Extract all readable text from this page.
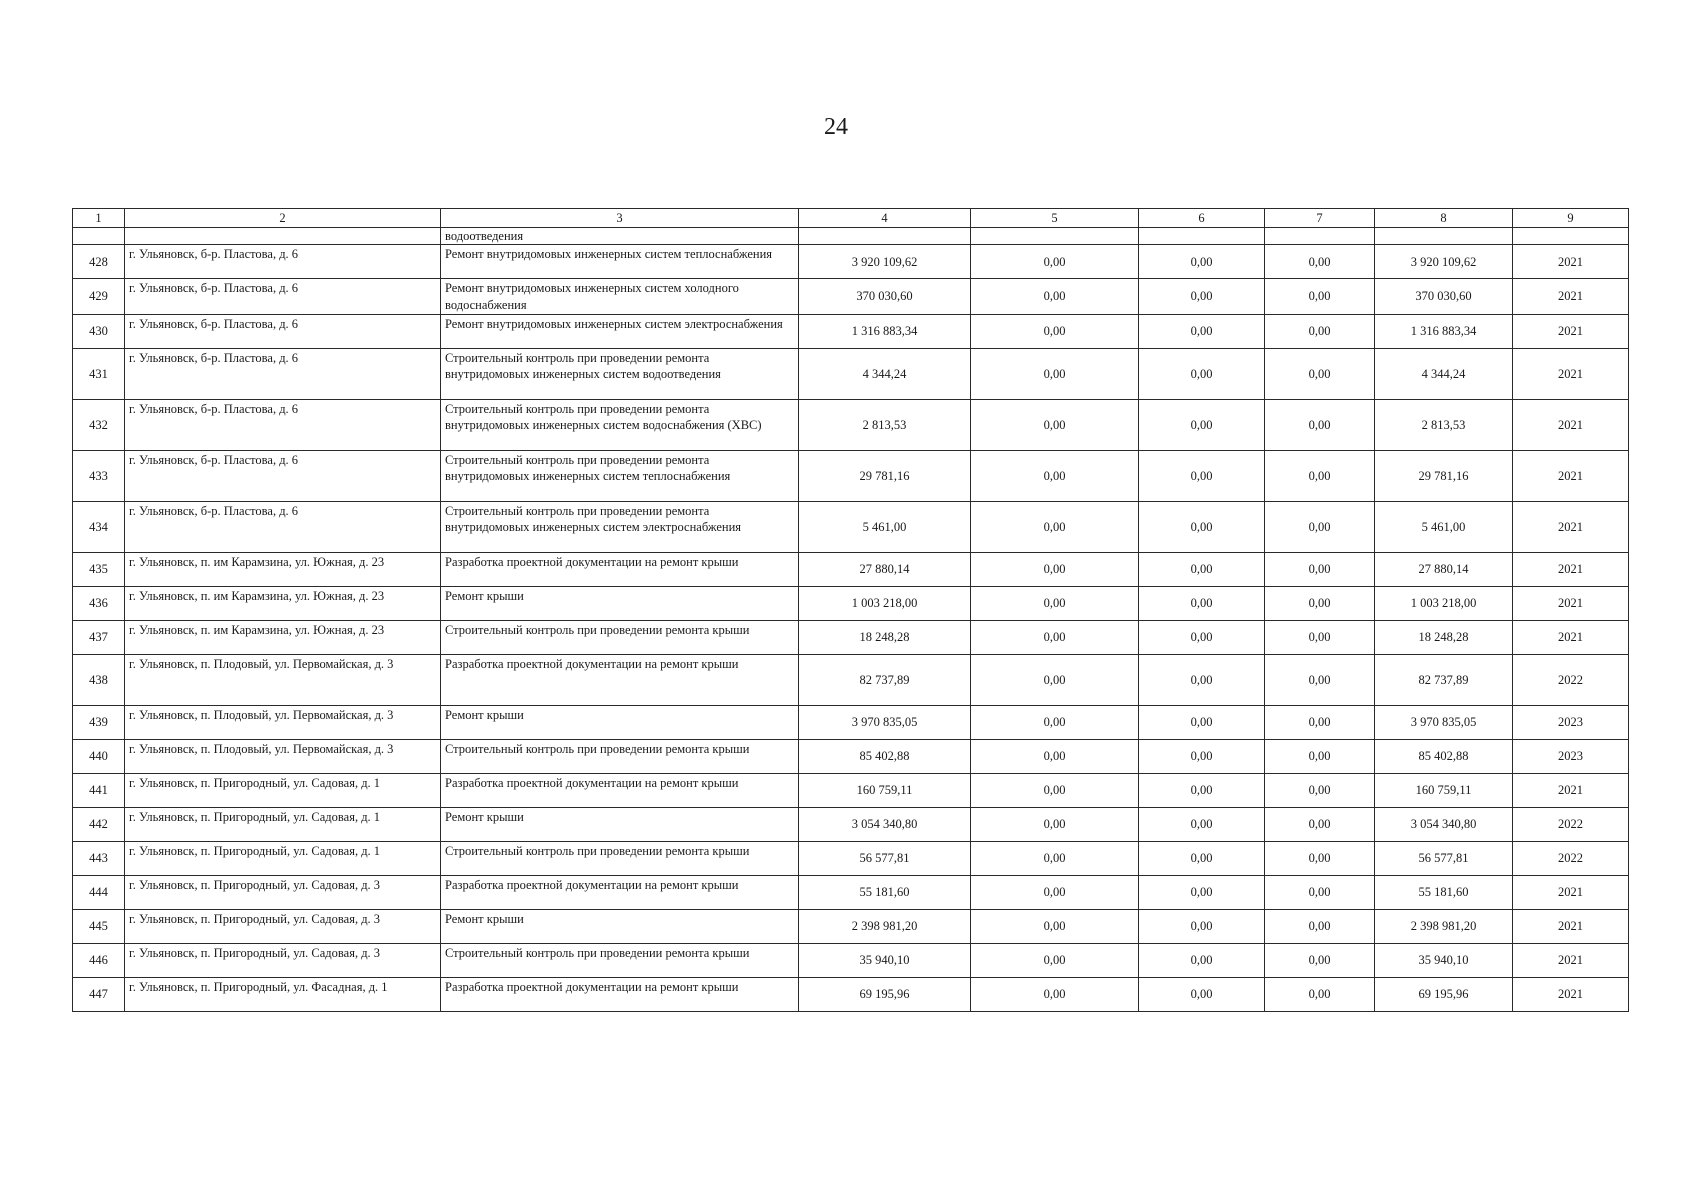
24
1	2	3	4	5	6	7	8	9
		водоотведения						
428	г. Ульяновск, б-р. Пластова, д. 6	Ремонт внутридомовых инженерных систем теплоснабжения	3 920 109,62	0,00	0,00	0,00	3 920 109,62	2021
429	г. Ульяновск, б-р. Пластова, д. 6	Ремонт внутридомовых инженерных систем холодного водоснабжения	370 030,60	0,00	0,00	0,00	370 030,60	2021
430	г. Ульяновск, б-р. Пластова, д. 6	Ремонт внутридомовых инженерных систем электроснабжения	1 316 883,34	0,00	0,00	0,00	1 316 883,34	2021
431	г. Ульяновск, б-р. Пластова, д. 6	Строительный контроль при проведении ремонта внутридомовых инженерных систем водоотведения	4 344,24	0,00	0,00	0,00	4 344,24	2021
432	г. Ульяновск, б-р. Пластова, д. 6	Строительный контроль при проведении ремонта внутридомовых инженерных систем водоснабжения (ХВС)	2 813,53	0,00	0,00	0,00	2 813,53	2021
433	г. Ульяновск, б-р. Пластова, д. 6	Строительный контроль при проведении ремонта внутридомовых инженерных систем теплоснабжения	29 781,16	0,00	0,00	0,00	29 781,16	2021
434	г. Ульяновск, б-р. Пластова, д. 6	Строительный контроль при проведении ремонта внутридомовых инженерных систем электроснабжения	5 461,00	0,00	0,00	0,00	5 461,00	2021
435	г. Ульяновск, п. им Карамзина, ул. Южная, д. 23	Разработка проектной документации на ремонт крыши	27 880,14	0,00	0,00	0,00	27 880,14	2021
436	г. Ульяновск, п. им Карамзина, ул. Южная, д. 23	Ремонт крыши	1 003 218,00	0,00	0,00	0,00	1 003 218,00	2021
437	г. Ульяновск, п. им Карамзина, ул. Южная, д. 23	Строительный контроль при проведении ремонта крыши	18 248,28	0,00	0,00	0,00	18 248,28	2021
438	г. Ульяновск, п. Плодовый, ул. Первомайская, д. 3	Разработка проектной документации на ремонт крыши	82 737,89	0,00	0,00	0,00	82 737,89	2022
439	г. Ульяновск, п. Плодовый, ул. Первомайская, д. 3	Ремонт крыши	3 970 835,05	0,00	0,00	0,00	3 970 835,05	2023
440	г. Ульяновск, п. Плодовый, ул. Первомайская, д. 3	Строительный контроль при проведении ремонта крыши	85 402,88	0,00	0,00	0,00	85 402,88	2023
441	г. Ульяновск, п. Пригородный, ул. Садовая, д. 1	Разработка проектной документации на ремонт крыши	160 759,11	0,00	0,00	0,00	160 759,11	2021
442	г. Ульяновск, п. Пригородный, ул. Садовая, д. 1	Ремонт крыши	3 054 340,80	0,00	0,00	0,00	3 054 340,80	2022
443	г. Ульяновск, п. Пригородный, ул. Садовая, д. 1	Строительный контроль при проведении ремонта крыши	56 577,81	0,00	0,00	0,00	56 577,81	2022
444	г. Ульяновск, п. Пригородный, ул. Садовая, д. 3	Разработка проектной документации на ремонт крыши	55 181,60	0,00	0,00	0,00	55 181,60	2021
445	г. Ульяновск, п. Пригородный, ул. Садовая, д. 3	Ремонт крыши	2 398 981,20	0,00	0,00	0,00	2 398 981,20	2021
446	г. Ульяновск, п. Пригородный, ул. Садовая, д. 3	Строительный контроль при проведении ремонта крыши	35 940,10	0,00	0,00	0,00	35 940,10	2021
447	г. Ульяновск, п. Пригородный, ул. Фасадная, д. 1	Разработка проектной документации на ремонт крыши	69 195,96	0,00	0,00	0,00	69 195,96	2021
